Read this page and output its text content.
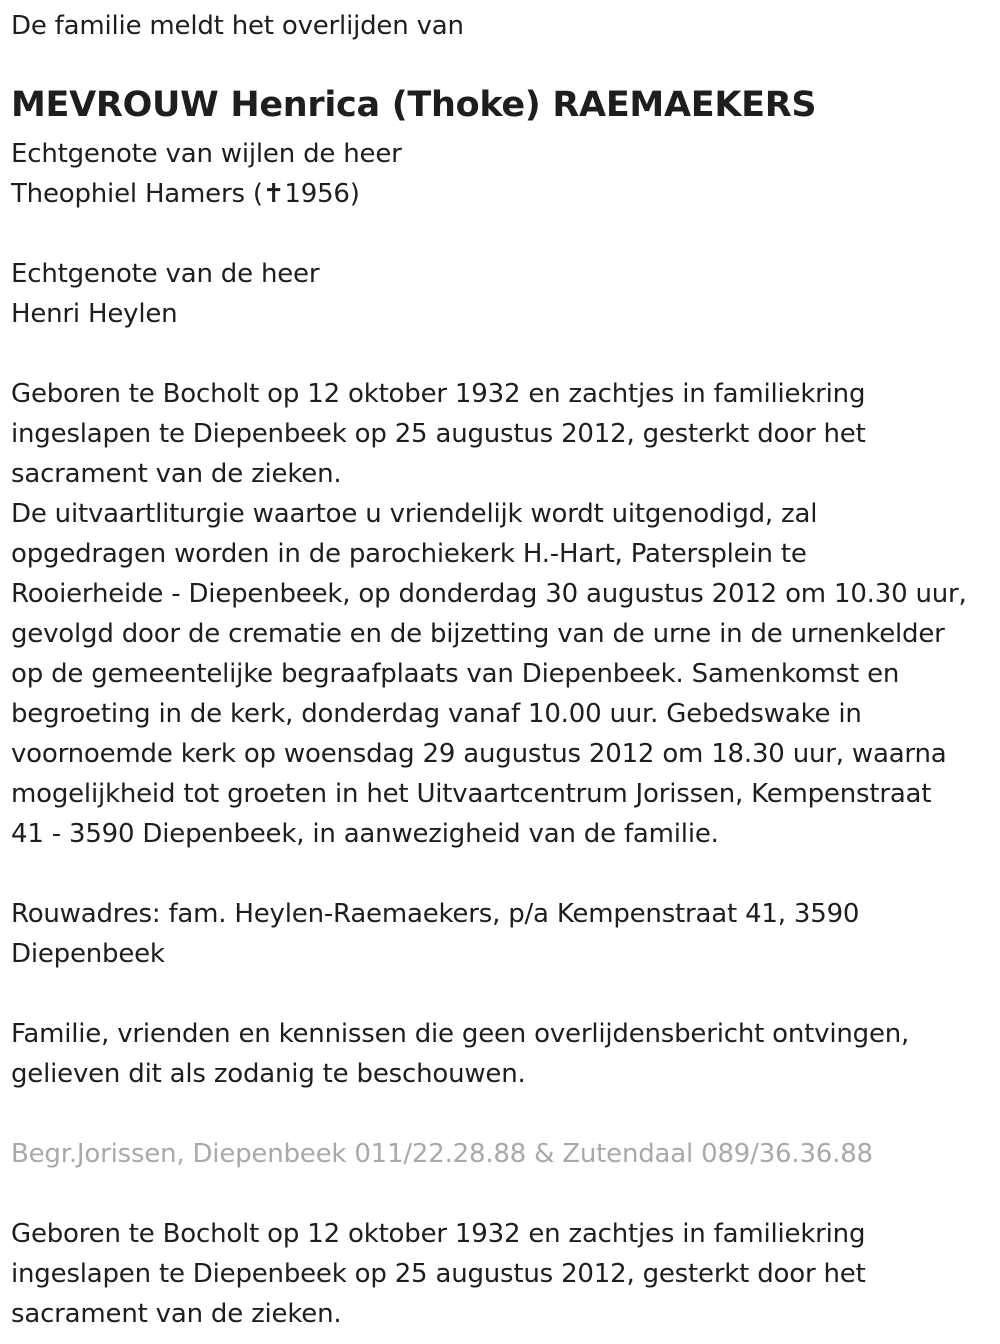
De familie meldt het overlijden van
MEVROUW Henrica (Thoke) RAEMAEKERS
Echtgenote van wijlen de heer
Theophiel Hamers (✝1956)
Echtgenote van de heer
Henri Heylen
Geboren te Bocholt op 12 oktober 1932 en zachtjes in familiekring
ingeslapen te Diepenbeek op 25 augustus 2012, gesterkt door het
sacrament van de zieken.
De uitvaartliturgie waartoe u vriendelijk wordt uitgenodigd, zal
opgedragen worden in de parochiekerk H.-Hart, Patersplein te
Rooierheide - Diepenbeek, op donderdag 30 augustus 2012 om 10.30 uur,
gevolgd door de crematie en de bijzetting van de urne in de urnenkelder
op de gemeentelijke begraafplaats van Diepenbeek. Samenkomst en
begroeting in de kerk, donderdag vanaf 10.00 uur. Gebedswake in
voornoemde kerk op woensdag 29 augustus 2012 om 18.30 uur, waarna
mogelijkheid tot groeten in het Uitvaartcentrum Jorissen, Kempenstraat
41 - 3590 Diepenbeek, in aanwezigheid van de familie.
Rouwadres: fam. Heylen-Raemaekers, p/a Kempenstraat 41, 3590
Diepenbeek
Familie, vrienden en kennissen die geen overlijdensbericht ontvingen,
gelieven dit als zodanig te beschouwen.
Begr.Jorissen, Diepenbeek 011/22.28.88 & Zutendaal 089/36.36.88
Geboren te Bocholt op 12 oktober 1932 en zachtjes in familiekring
ingeslapen te Diepenbeek op 25 augustus 2012, gesterkt door het
sacrament van de zieken.
